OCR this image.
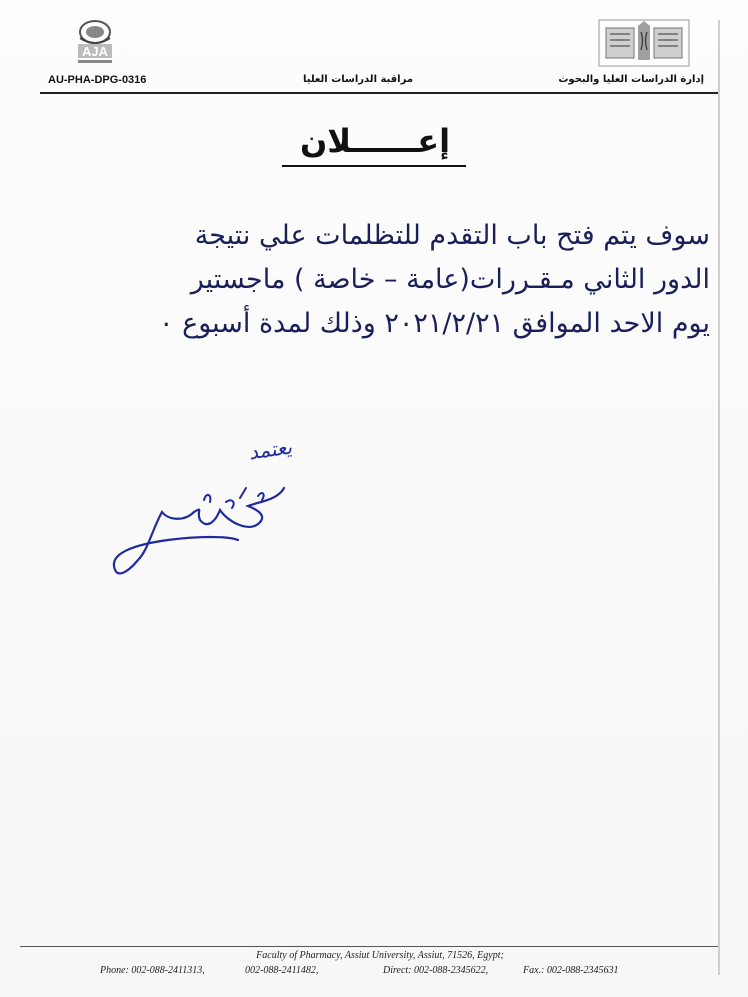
AJA
AU-PHA-DPG-0316	مراقبة الدراسات العليا	إدارة الدراسات العليا والبحوث
إعــــــلان
سوف يتم فتح باب التقدم للتظلمات علي نتيجة
الدور الثاني مـقـررات(عامة – خاصة ) ماجستير
يوم الاحد الموافق ٢٠٢١/٢/٢١ وذلك لمدة أسبوع ٠
يعتمد
Faculty of Pharmacy, Assiut University, Assiut, 71526, Egypt;
Phone: 002-088-2411313,	002-088-2411482,	Direct: 002-088-2345622,	Fax.: 002-088-2345631
